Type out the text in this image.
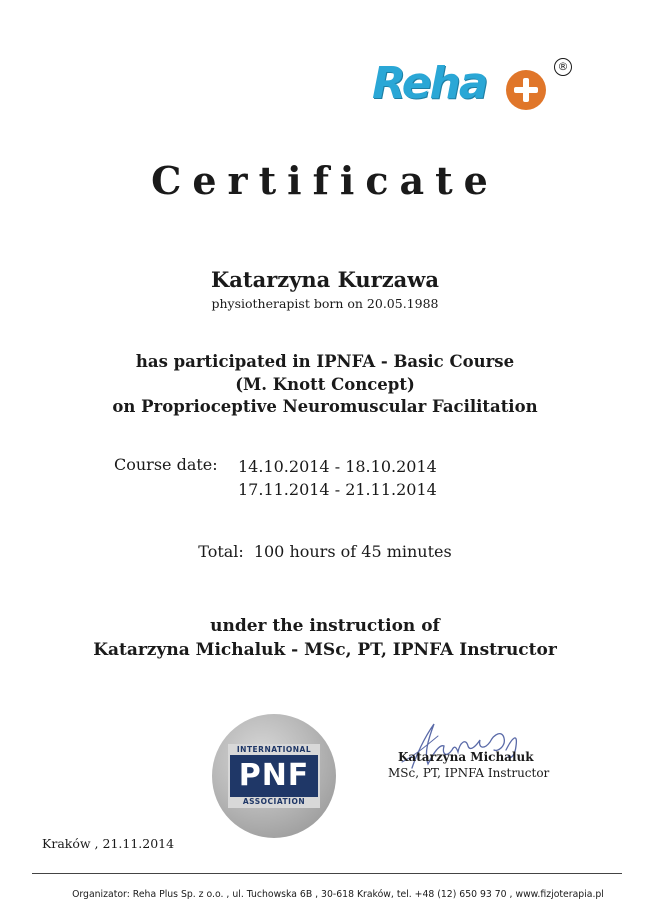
Reha	®
Certificate
Katarzyna Kurzawa
physiotherapist born on 20.05.1988
has participated in IPNFA - Basic Course
(M. Knott Concept)
on Proprioceptive Neuromuscular Facilitation
Course date: 14.10.2014 - 18.10.2014
17.11.2014 - 21.11.2014
Total: 100 hours of 45 minutes
under the instruction of
Katarzyna Michaluk - MSc, PT, IPNFA Instructor
INTERNATIONAL
PNF
ASSOCIATION
Katarzyna Michaluk
MSc, PT, IPNFA Instructor
Kraków , 21.11.2014
Organizator: Reha Plus Sp. z o.o. , ul. Tuchowska 6B , 30-618 Kraków, tel. +48 (12) 650 93 70 , www.fizjoterapia.pl
